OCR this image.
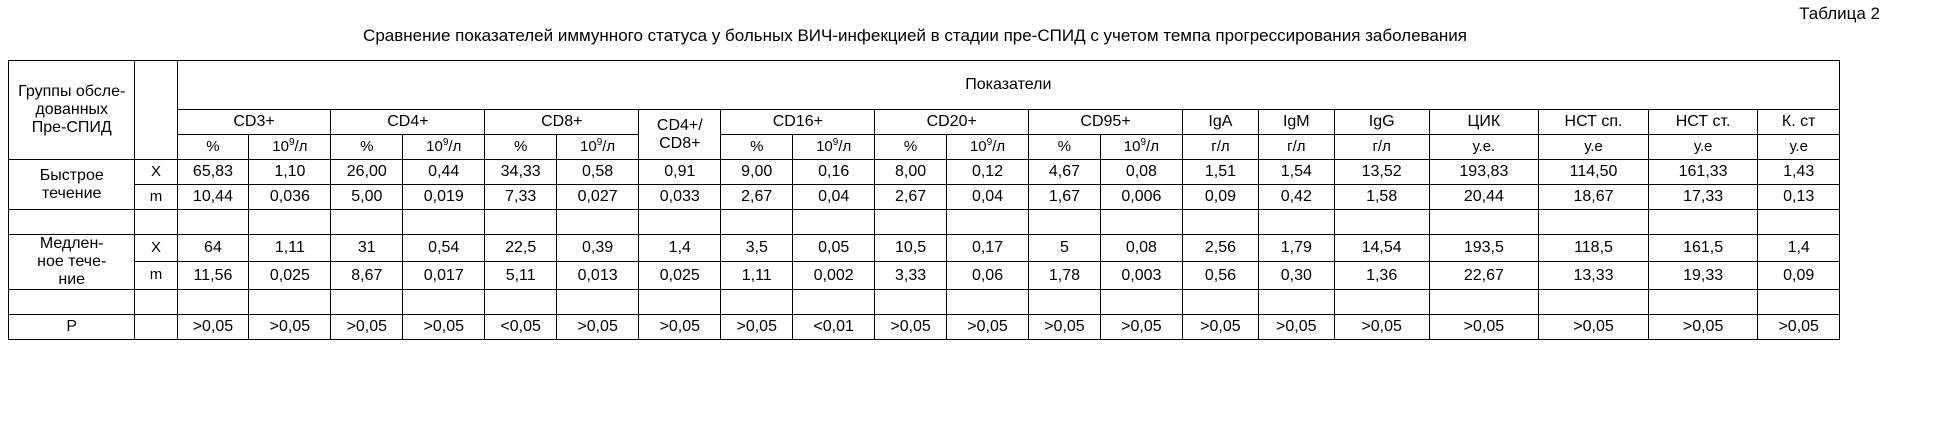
Таблица 2
Сравнение показателей иммунного статуса у больных ВИЧ-инфекцией в стадии пре-СПИД с учетом темпа прогрессирования заболевания
Группы обсле-
дованных
Пре-СПИД		Показатели																			
		CD3+		CD4+		CD8+		CD4+/
CD8+	CD16+		CD20+		CD95+		IgA	IgM	IgG	ЦИК	НСТ сп.	НСТ ст.	К. ст
		%	$10^9/л$	%	$10^9/л$	%	$10^9/л$		%	$10^9/л$	%	$10^9/л$	%	$10^9/л$	г/л	г/л	г/л	у.е.	у.е	у.е	у.е

Быстрое
течение	X	65,83	1,10	26,00	0,44	34,33	0,58	0,91	9,00	0,16	8,00	0,12	4,67	0,08	1,51	1,54	13,52	193,83	114,50	161,33	1,43
	m	10,44	0,036	5,00	0,019	7,33	0,027	0,033	2,67	0,04	2,67	0,04	1,67	0,006	0,09	0,42	1,58	20,44	18,67	17,33	0,13

Медлен-
ное тече-
ние	X	64	1,11	31	0,54	22,5	0,39	1,4	3,5	0,05	10,5	0,17	5	0,08	2,56	1,79	14,54	193,5	118,5	161,5	1,4
	m	11,56	0,025	8,67	0,017	5,11	0,013	0,025	1,11	0,002	3,33	0,06	1,78	0,003	0,56	0,30	1,36	22,67	13,33	19,33	0,09

Р		>0,05	>0,05	>0,05	>0,05	<0,05	>0,05	>0,05	>0,05	<0,01	>0,05	>0,05	>0,05	>0,05	>0,05	>0,05	>0,05	>0,05	>0,05	>0,05	>0,05
